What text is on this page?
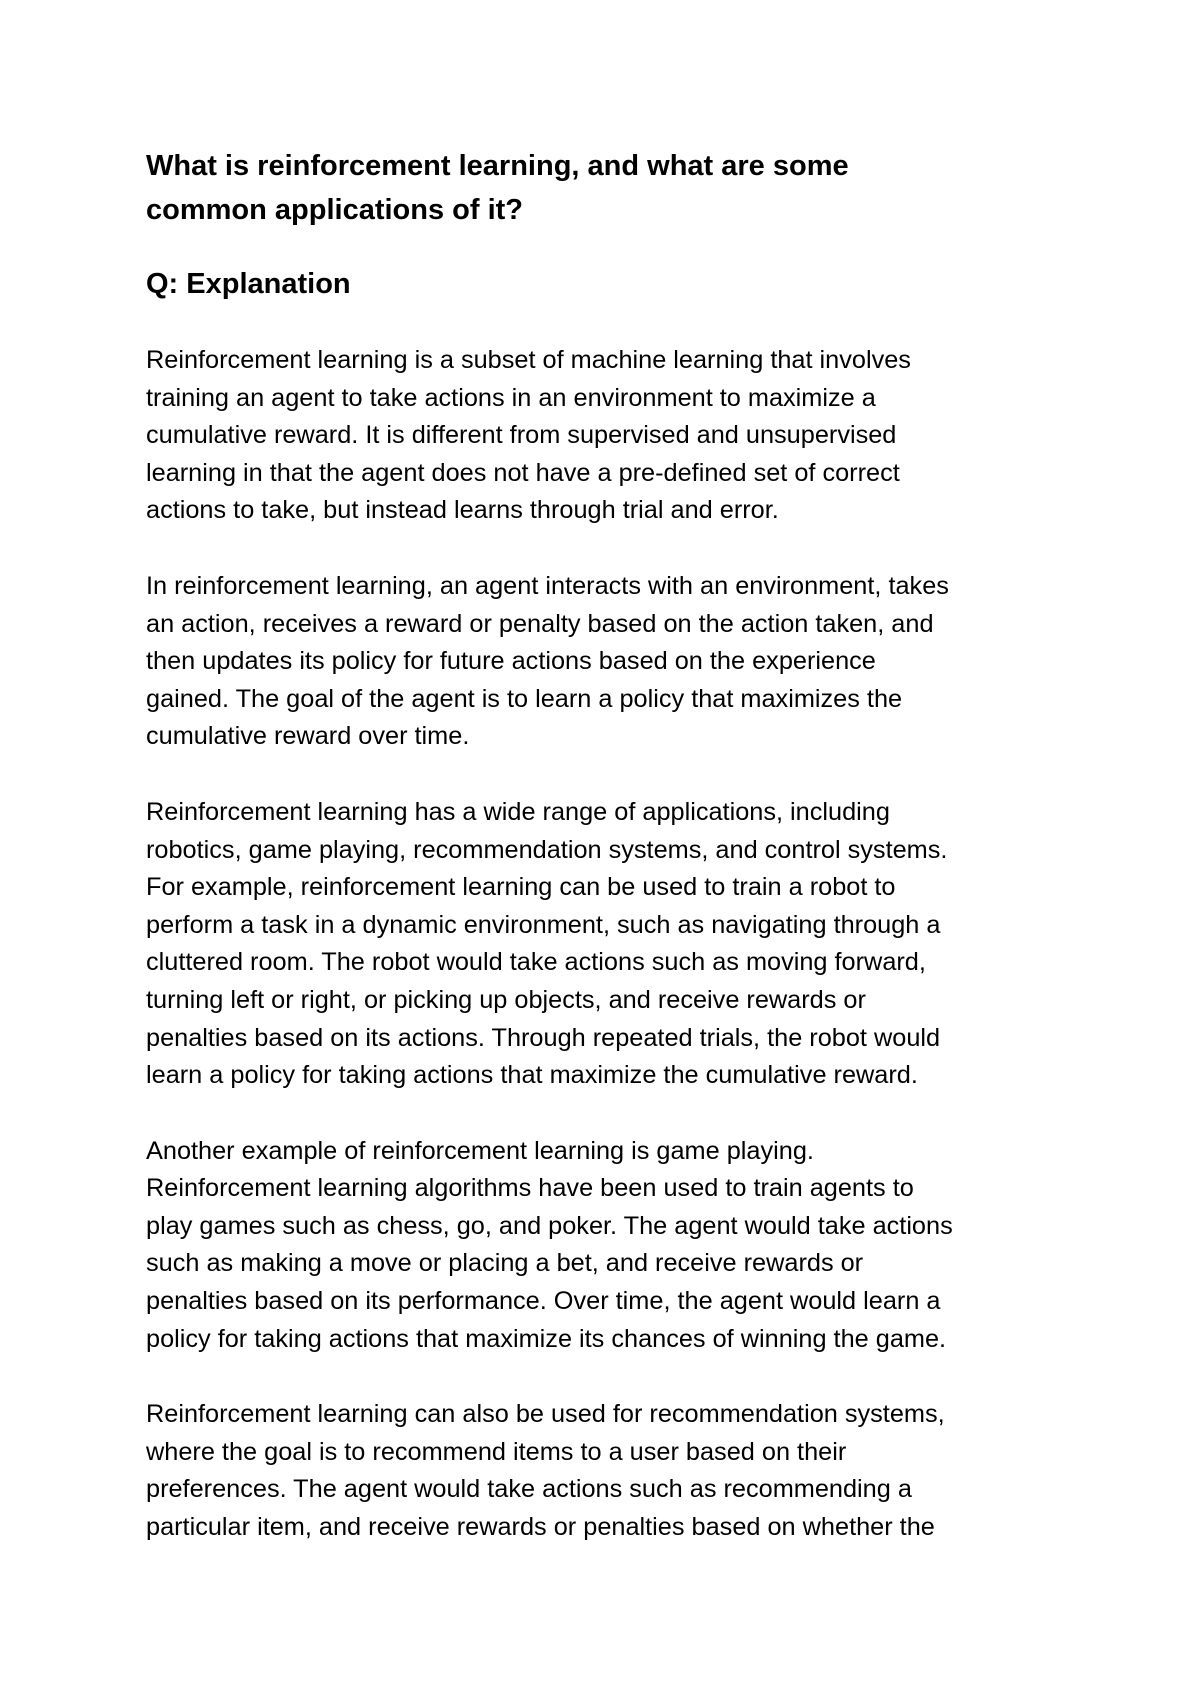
What is reinforcement learning, and what are some
common applications of it?
Q: Explanation

Reinforcement learning is a subset of machine learning that involves
training an agent to take actions in an environment to maximize a
cumulative reward. It is different from supervised and unsupervised
learning in that the agent does not have a pre-defined set of correct
actions to take, but instead learns through trial and error.

In reinforcement learning, an agent interacts with an environment, takes
an action, receives a reward or penalty based on the action taken, and
then updates its policy for future actions based on the experience
gained. The goal of the agent is to learn a policy that maximizes the
cumulative reward over time.

Reinforcement learning has a wide range of applications, including
robotics, game playing, recommendation systems, and control systems.
For example, reinforcement learning can be used to train a robot to
perform a task in a dynamic environment, such as navigating through a
cluttered room. The robot would take actions such as moving forward,
turning left or right, or picking up objects, and receive rewards or
penalties based on its actions. Through repeated trials, the robot would
learn a policy for taking actions that maximize the cumulative reward.

Another example of reinforcement learning is game playing.
Reinforcement learning algorithms have been used to train agents to
play games such as chess, go, and poker. The agent would take actions
such as making a move or placing a bet, and receive rewards or
penalties based on its performance. Over time, the agent would learn a
policy for taking actions that maximize its chances of winning the game.

Reinforcement learning can also be used for recommendation systems,
where the goal is to recommend items to a user based on their
preferences. The agent would take actions such as recommending a
particular item, and receive rewards or penalties based on whether the
